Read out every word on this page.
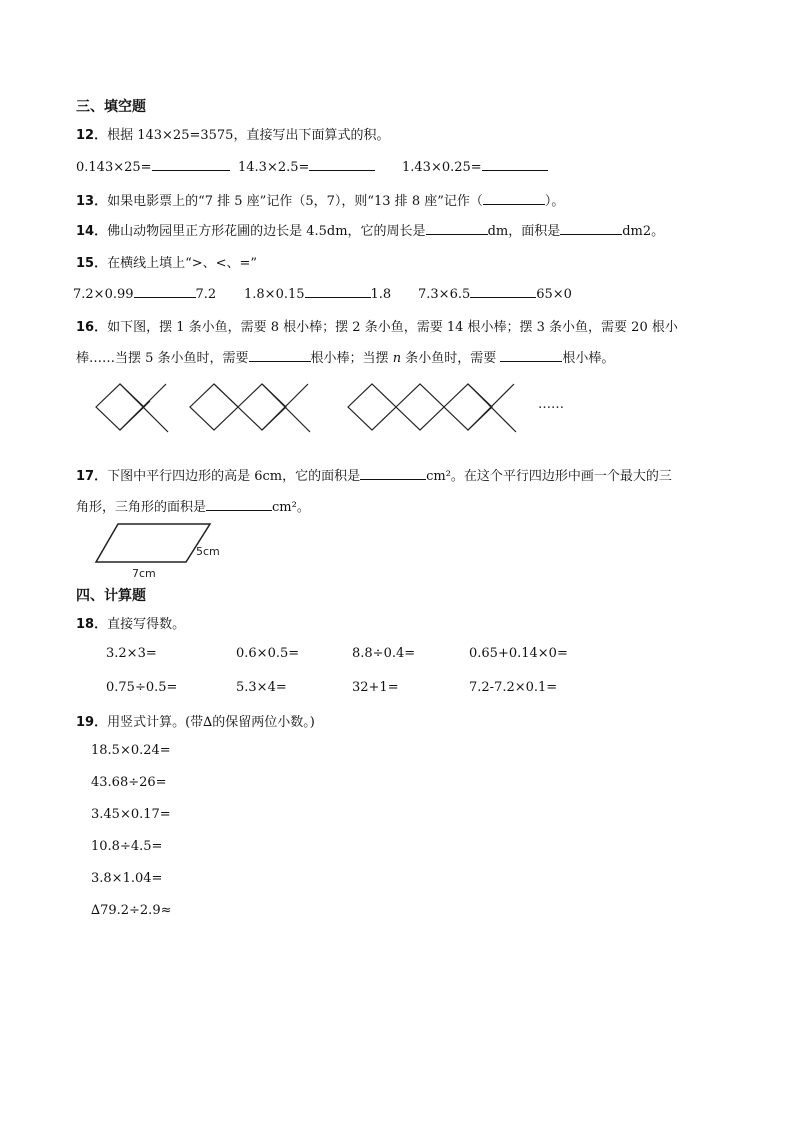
三、填空题
12．根据 143×25=3575，直接写出下面算式的积。
0.143×25=	14.3×2.5=	1.43×0.25=
13．如果电影票上的“7 排 5 座”记作（5，7），则“13 排 8 座”记作（	）。
14．佛山动物园里正方形花圃的边长是 4.5dm，它的周长是	dm，面积是	dm2。
15．在横线上填上“>、<、=”
7.2×0.99	7.2 1.8×0.15	1.8 7.3×6.5	65×0
16．如下图，摆 1 条小鱼，需要 8 根小棒；摆 2 条小鱼，需要 14 根小棒；摆 3 条小鱼，需要 20 根小
棒……当摆 5 条小鱼时，需要	根小棒；当摆 n 条小鱼时，需要	根小棒。
……
17．下图中平行四边形的高是 6cm，它的面积是	cm²。在这个平行四边形中画一个最大的三
角形，三角形的面积是	cm²。
5cm
7cm
四、计算题
18．直接写得数。
3.2×3=	0.6×0.5=	8.8÷0.4=	0.65+0.14×0=
0.75÷0.5=	5.3×4=	32+1=	7.2-7.2×0.1=
19．用竖式计算。(带∆的保留两位小数。)
18.5×0.24=
43.68÷26=
3.45×0.17=
10.8÷4.5=
3.8×1.04=
∆79.2÷2.9≈
